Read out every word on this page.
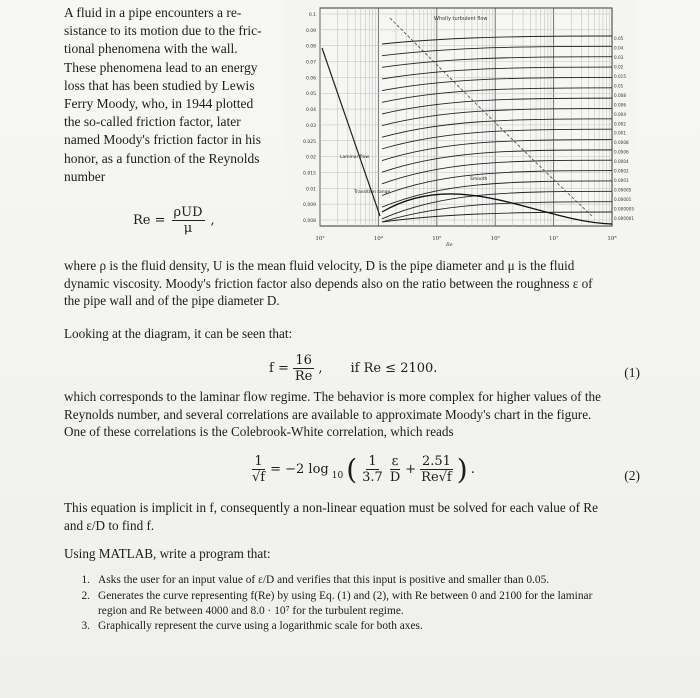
A fluid in a pipe encounters a re-
sistance to its motion due to the fric-
tional phenomena with the wall.
These phenomena lead to an energy
loss that has been studied by Lewis
Ferry Moody, who, in 1944 plotted
the so-called friction factor, later
named Moody's friction factor in his
honor, as a function of the Reynolds
number
$Re = \frac{\text{ρUD}}{\mu}$ ,
0.1
0.09
0.08
0.07
0.06
0.05
0.04
0.03
0.025
0.02
0.015
0.01
0.009
0.008
0.05
0.04
0.03
0.02
0.015
0.01
0.008
0.006
0.004
0.002
0.001
0.0008
0.0006
0.0004
0.0002
0.0001
0.00005
0.00001
0.000005
0.000001
10³	10⁴	10⁵	10⁶	10⁷	10⁸
Re
Wholly turbulent flow
Laminar flow
Transition range
Smooth
where ρ is the fluid density, U is the mean fluid velocity, D is the pipe diameter and μ is the fluid
dynamic viscosity. Moody's friction factor also depends also on the ratio between the roughness ε of
the pipe wall and of the pipe diameter D.
Looking at the diagram, it can be seen that:
$f = \frac{16}{Re}$ , if Re ≤ 2100.	(1)
which corresponds to the laminar flow regime. The behavior is more complex for higher values of the
Reynolds number, and several correlations are available to approximate Moody's chart in the figure.
One of these correlations is the Colebrook-White correlation, which reads
$\frac{1}{√f} = -2$ log 10 ( $\frac{1}{3.7} \frac{\varepsilon}{D} + \frac{2.51}{Re√f}$ ) .	(2)
This equation is implicit in f, consequently a non-linear equation must be solved for each value of Re
and ε/D to find f.
Using MATLAB, write a program that:
1. Asks the user for an input value of ε/D and verifies that this input is positive and smaller than 0.05.
2. Generates the curve representing f(Re) by using Eq. (1) and (2), with Re between 0 and 2100 for the laminar region and Re between 4000 and 8.0 · 10⁷ for the turbulent regime.
3. Graphically represent the curve using a logarithmic scale for both axes.
